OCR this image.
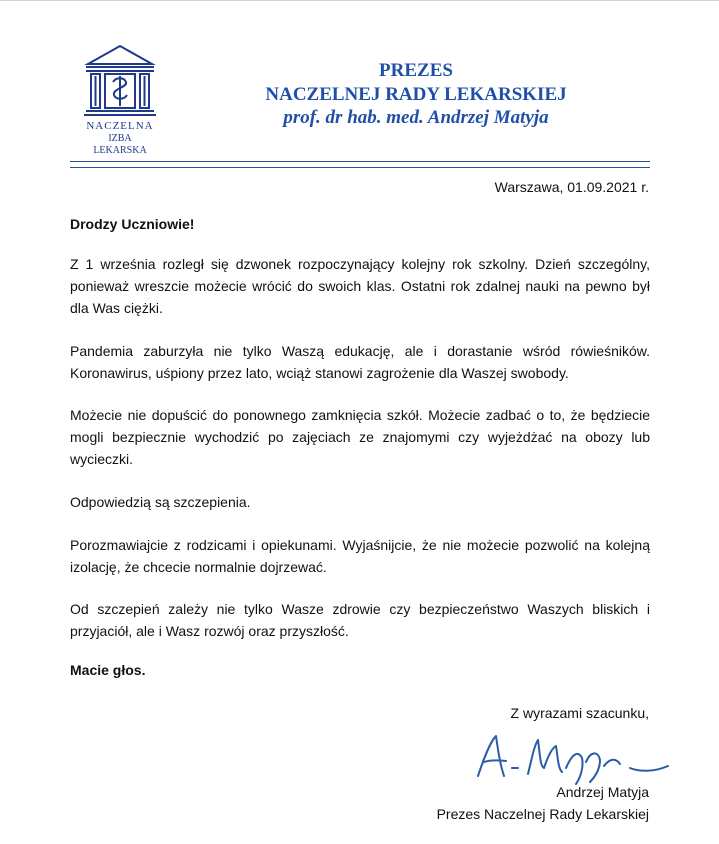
NACZELNA
IZBA LEKARSKA
PREZES
NACZELNEJ RADY LEKARSKIEJ
prof. dr hab. med. Andrzej Matyja
Warszawa, 01.09.2021 r.
Drodzy Uczniowie!

Z 1 września rozległ się dzwonek rozpoczynający kolejny rok szkolny. Dzień szczególny, ponieważ wreszcie możecie wrócić do swoich klas. Ostatni rok zdalnej nauki na pewno był dla Was ciężki.

Pandemia zaburzyła nie tylko Waszą edukację, ale i dorastanie wśród rówieśników. Koronawirus, uśpiony przez lato, wciąż stanowi zagrożenie dla Waszej swobody.

Możecie nie dopuścić do ponownego zamknięcia szkół. Możecie zadbać o to, że będziecie mogli bezpiecznie wychodzić po zajęciach ze znajomymi czy wyjeżdżać na obozy lub wycieczki.

Odpowiedzią są szczepienia.

Porozmawiajcie z rodzicami i opiekunami. Wyjaśnijcie, że nie możecie pozwolić na kolejną izolację, że chcecie normalnie dojrzewać.

Od szczepień zależy nie tylko Wasze zdrowie czy bezpieczeństwo Waszych bliskich i przyjaciół, ale i Wasz rozwój oraz przyszłość.

Macie głos.
Z wyrazami szacunku,
Andrzej Matyja
Prezes Naczelnej Rady Lekarskiej
